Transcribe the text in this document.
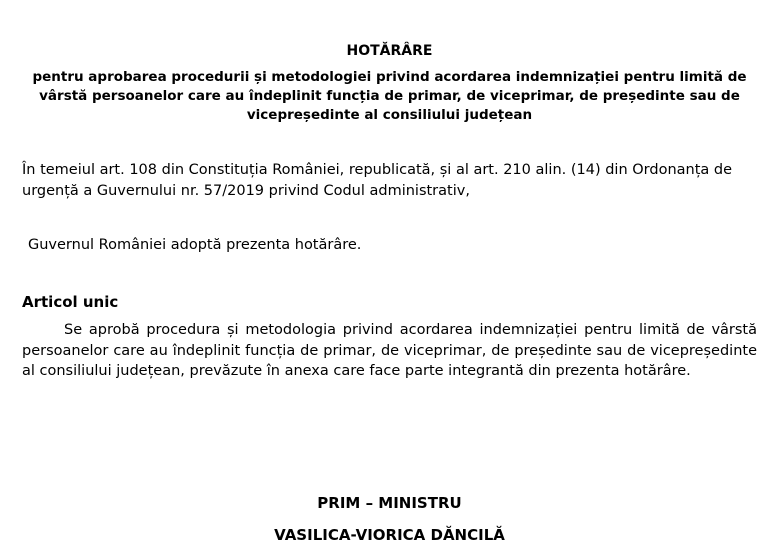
HOTĂRÂRE
pentru aprobarea procedurii și metodologiei privind acordarea indemnizației pentru limită de vârstă persoanelor care au îndeplinit funcția de primar, de viceprimar, de președinte sau de vicepreședinte al consiliului județean
În temeiul art. 108 din Constituția României, republicată, și al art. 210 alin. (14) din Ordonanța de urgență a Guvernului nr. 57/2019 privind Codul administrativ,
Guvernul României adoptă prezenta hotărâre.
Articol unic
Se aprobă procedura și metodologia privind acordarea indemnizației pentru limită de vârstă persoanelor care au îndeplinit funcția de primar, de viceprimar, de președinte sau de vicepreședinte al consiliului județean, prevăzute în anexa care face parte integrantă din prezenta hotărâre.
PRIM – MINISTRU
VASILICA-VIORICA DĂNCILĂ
